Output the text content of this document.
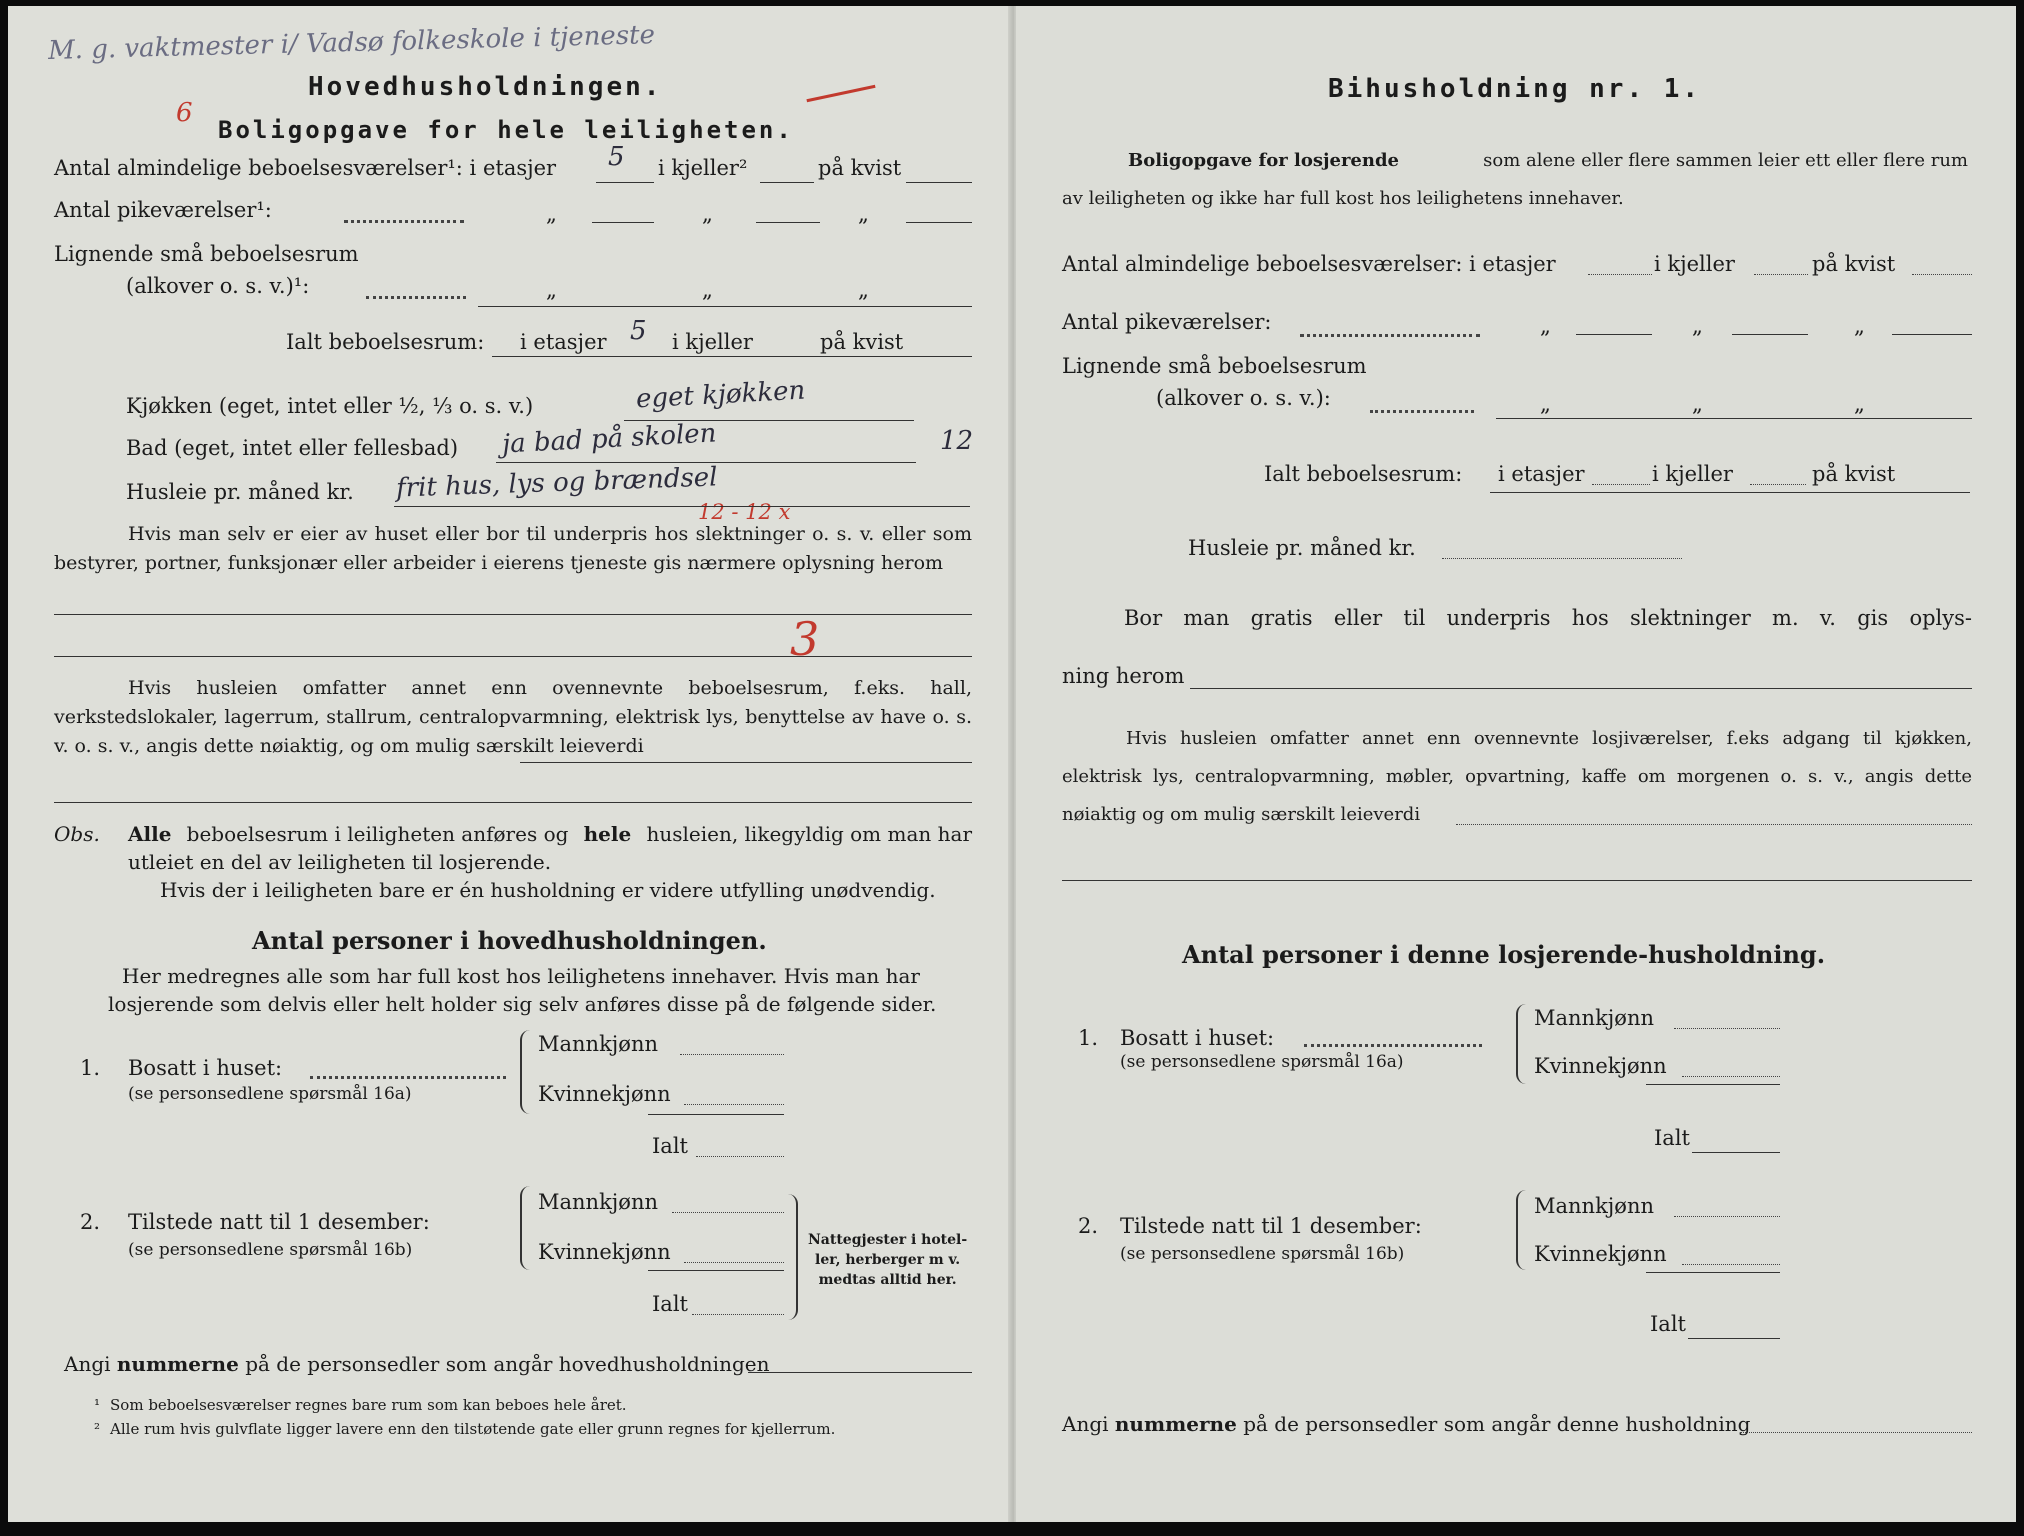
M. g. vaktmester i/ Vadsø folkeskole i tjeneste
6
Hovedhusholdningen.
Boligopgave for hele leiligheten.
Antal almindelige beboelsesværelser¹: i etasjer 5 i kjeller²	på kvist
Antal pikeværelser¹:	„	„	„
Lignende små beboelsesrum
(alkover o. s. v.)¹:	„	„	„
Ialt beboelsesrum: i etasjer 5 i kjeller	på kvist
Kjøkken (eget, intet eller ½, ⅓ o. s. v.)	eget kjøkken
Bad (eget, intet eller fellesbad) ja bad på skolen	12
Husleie pr. måned kr. frit hus, lys og brændsel
12 - 12 x
Hvis man selv er eier av huset eller bor til underpris hos slektninger o. s. v. eller som bestyrer, portner, funksjonær eller arbeider i eierens tjeneste gis nærmere oplysning herom
3
Hvis husleien omfatter annet enn ovennevnte beboelsesrum, f.eks. hall, verkstedslokaler, lagerrum, stallrum, centralopvarmning, elektrisk lys, benyttelse av have o. s. v. o. s. v., angis dette nøiaktig, og om mulig særskilt leieverdi
Obs. Alle beboelsesrum i leiligheten anføres og hele husleien, likegyldig om man har
utleiet en del av leiligheten til losjerende.
Hvis der i leiligheten bare er én husholdning er videre utfylling unødvendig.
Antal personer i hovedhusholdningen.
Her medregnes alle som har full kost hos leilighetens innehaver. Hvis man har
losjerende som delvis eller helt holder sig selv anføres disse på de følgende sider.
1. Bosatt i huset:
(se personsedlene spørsmål 16a)
Mannkjønn
Kvinnekjønn
Ialt
2. Tilstede natt til 1 desember:
(se personsedlene spørsmål 16b)
Mannkjønn
Kvinnekjønn
Ialt
Nattegjester i hotel-
ler, herberger m v.
medtas alltid her.
Angi nummerne på de personsedler som angår hovedhusholdningen
¹ Som beboelsesværelser regnes bare rum som kan beboes hele året.
² Alle rum hvis gulvflate ligger lavere enn den tilstøtende gate eller grunn regnes for kjellerrum.
Bihusholdning nr. 1.
Boligopgave for losjerende	som alene eller flere sammen leier ett eller flere rum
av leiligheten og ikke har full kost hos leilighetens innehaver.
Antal almindelige beboelsesværelser: i etasjer	i kjeller	på kvist
Antal pikeværelser:	„	„	„
Lignende små beboelsesrum
(alkover o. s. v.):	„	„	„
Ialt beboelsesrum: i etasjer	i kjeller	på kvist
Husleie pr. måned kr.
Bor man gratis eller til underpris hos slektninger m. v. gis oplys-
ning herom
Hvis husleien omfatter annet enn ovennevnte losjiværelser, f.eks adgang til kjøkken, elektrisk lys, centralopvarmning, møbler, opvartning, kaffe om morgenen o. s. v., angis dette nøiaktig og om mulig særskilt leieverdi
Antal personer i denne losjerende-husholdning.
1. Bosatt i huset:
(se personsedlene spørsmål 16a)
Mannkjønn
Kvinnekjønn
Ialt
2. Tilstede natt til 1 desember:
(se personsedlene spørsmål 16b)
Mannkjønn
Kvinnekjønn
Ialt
Angi nummerne på de personsedler som angår denne husholdning
